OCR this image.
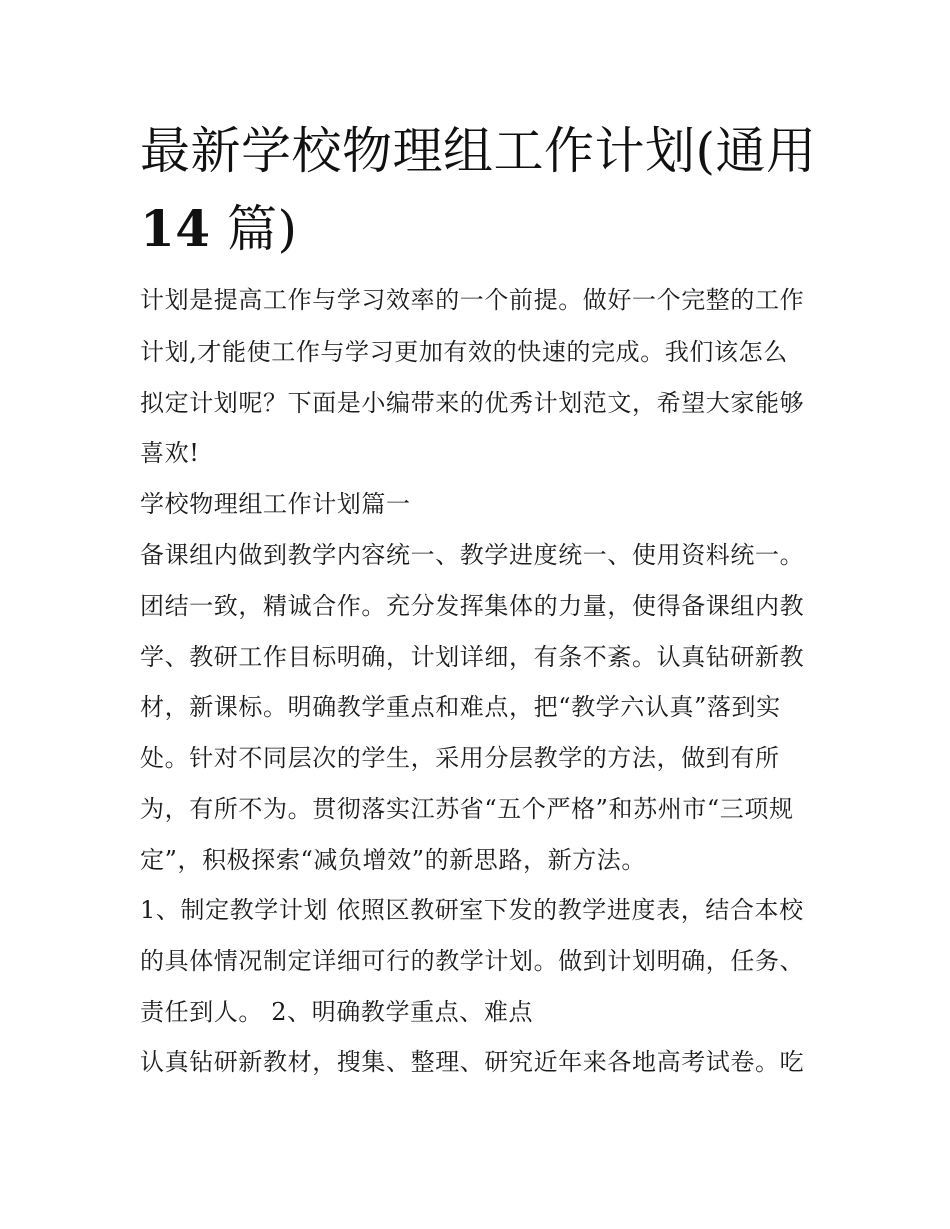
最新学校物理组工作计划(通用
14 篇)

计划是提高工作与学习效率的一个前提。做好一个完整的工作

计划,才能使工作与学习更加有效的快速的完成。我们该怎么

拟定计划呢？下面是小编带来的优秀计划范文，希望大家能够

喜欢!

学校物理组工作计划篇一

备课组内做到教学内容统一、教学进度统一、使用资料统一。

团结一致，精诚合作。充分发挥集体的力量，使得备课组内教

学、教研工作目标明确，计划详细，有条不紊。认真钻研新教

材，新课标。明确教学重点和难点，把“教学六认真”落到实

处。针对不同层次的学生，采用分层教学的方法，做到有所

为，有所不为。贯彻落实江苏省“五个严格”和苏州市“三项规

定”，积极探索“减负增效”的新思路，新方法。

1、制定教学计划 依照区教研室下发的教学进度表，结合本校

的具体情况制定详细可行的教学计划。做到计划明确，任务、

责任到人。 2、明确教学重点、难点

认真钻研新教材，搜集、整理、研究近年来各地高考试卷。吃
